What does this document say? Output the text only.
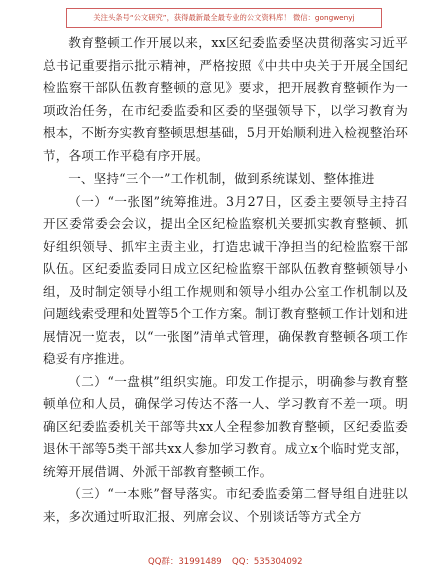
关注头条号“公文研究”，获得最新最全最专业的公文资料库！ 微信：gongwenyj

教育整顿工作开展以来，xx区纪委监委坚决贯彻落实习近平总书记重要指示批示精神，严格按照《中共中央关于开展全国纪检监察干部队伍教育整顿的意见》要求，把开展教育整顿作为一项政治任务，在市纪委监委和区委的坚强领导下，以学习教育为根本，不断夯实教育整顿思想基础，5月开始顺利进入检视整治环节，各项工作平稳有序开展。

一、坚持“三个一”工作机制，做到系统谋划、整体推进

（一）“一张图”统筹推进。3月27日，区委主要领导主持召开区委常委会会议，提出全区纪检监察机关要抓实教育整顿、抓好组织领导、抓牢主责主业，打造忠诚干净担当的纪检监察干部队伍。区纪委监委同日成立区纪检监察干部队伍教育整顿领导小组，及时制定领导小组工作规则和领导小组办公室工作机制以及问题线索受理和处置等5个工作方案。制订教育整顿工作计划和进展情况一览表，以“一张图”清单式管理，确保教育整顿各项工作稳妥有序推进。

（二）“一盘棋”组织实施。印发工作提示，明确参与教育整顿单位和人员，确保学习传达不落一人、学习教育不差一项。明确区纪委监委机关干部等共xx人全程参加教育整顿，区纪委监委退休干部等5类干部共xx人参加学习教育。成立x个临时党支部，统筹开展借调、外派干部教育整顿工作。

（三）“一本账”督导落实。市纪委监委第二督导组自进驻以来，多次通过听取汇报、列席会议、个别谈话等方式全方

QQ群：31991489 QQ：535304092
